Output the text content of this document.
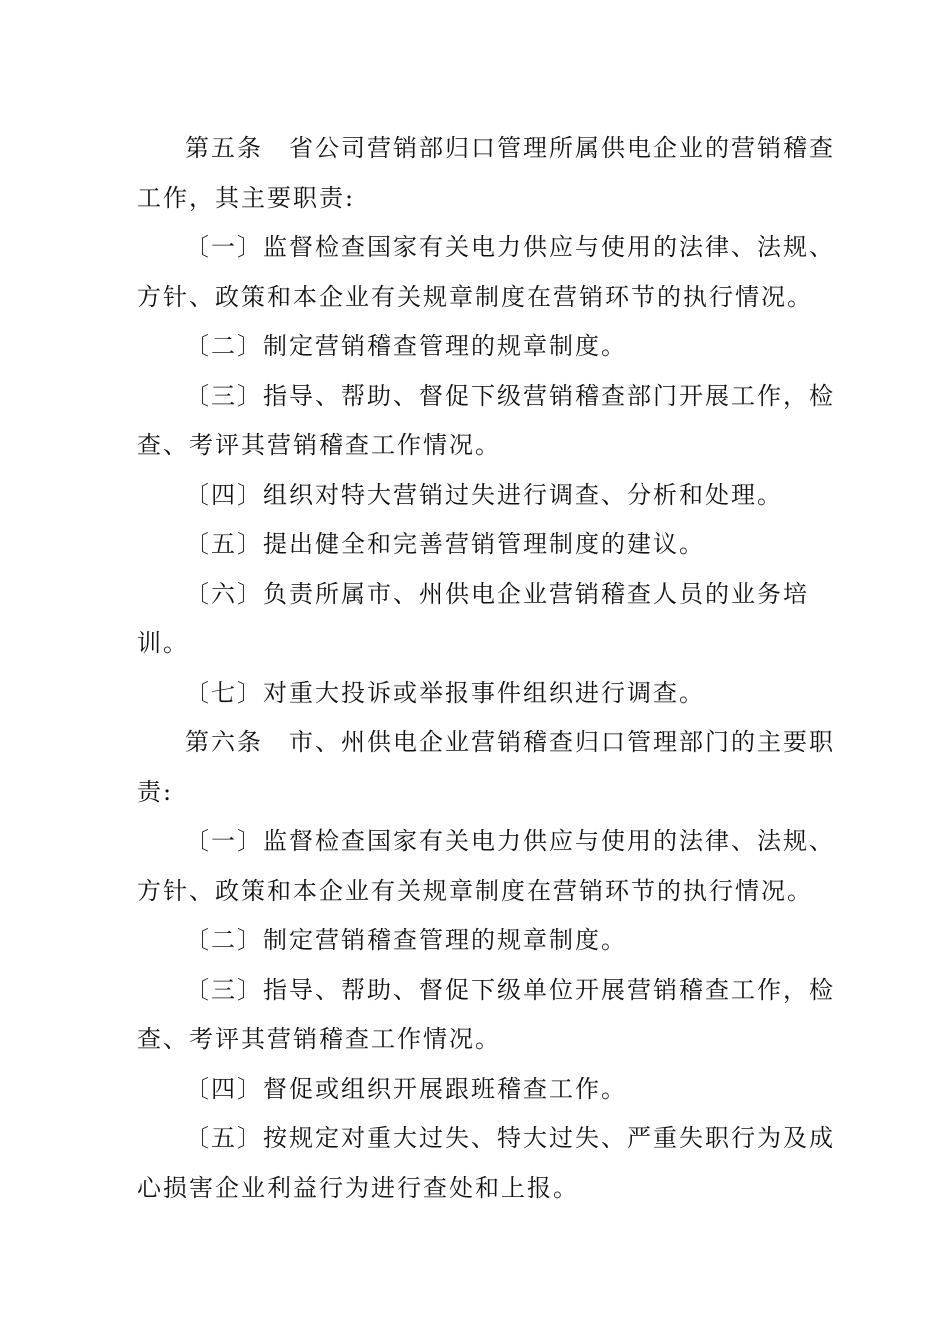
第五条　省公司营销部归口管理所属供电企业的营销稽查工作，其主要职责:

〔一〕监督检查国家有关电力供应与使用的法律、法规、方针、政策和本企业有关规章制度在营销环节的执行情况。

〔二〕制定营销稽查管理的规章制度。

〔三〕指导、帮助、督促下级营销稽查部门开展工作，检查、考评其营销稽查工作情况。

〔四〕组织对特大营销过失进行调查、分析和处理。

〔五〕提出健全和完善营销管理制度的建议。

〔六〕负责所属市、州供电企业营销稽查人员的业务培训。

〔七〕对重大投诉或举报事件组织进行调查。

第六条　市、州供电企业营销稽查归口管理部门的主要职责:

〔一〕监督检查国家有关电力供应与使用的法律、法规、方针、政策和本企业有关规章制度在营销环节的执行情况。

〔二〕制定营销稽查管理的规章制度。

〔三〕指导、帮助、督促下级单位开展营销稽查工作，检查、考评其营销稽查工作情况。

〔四〕督促或组织开展跟班稽查工作。

〔五〕按规定对重大过失、特大过失、严重失职行为及成心损害企业利益行为进行查处和上报。
